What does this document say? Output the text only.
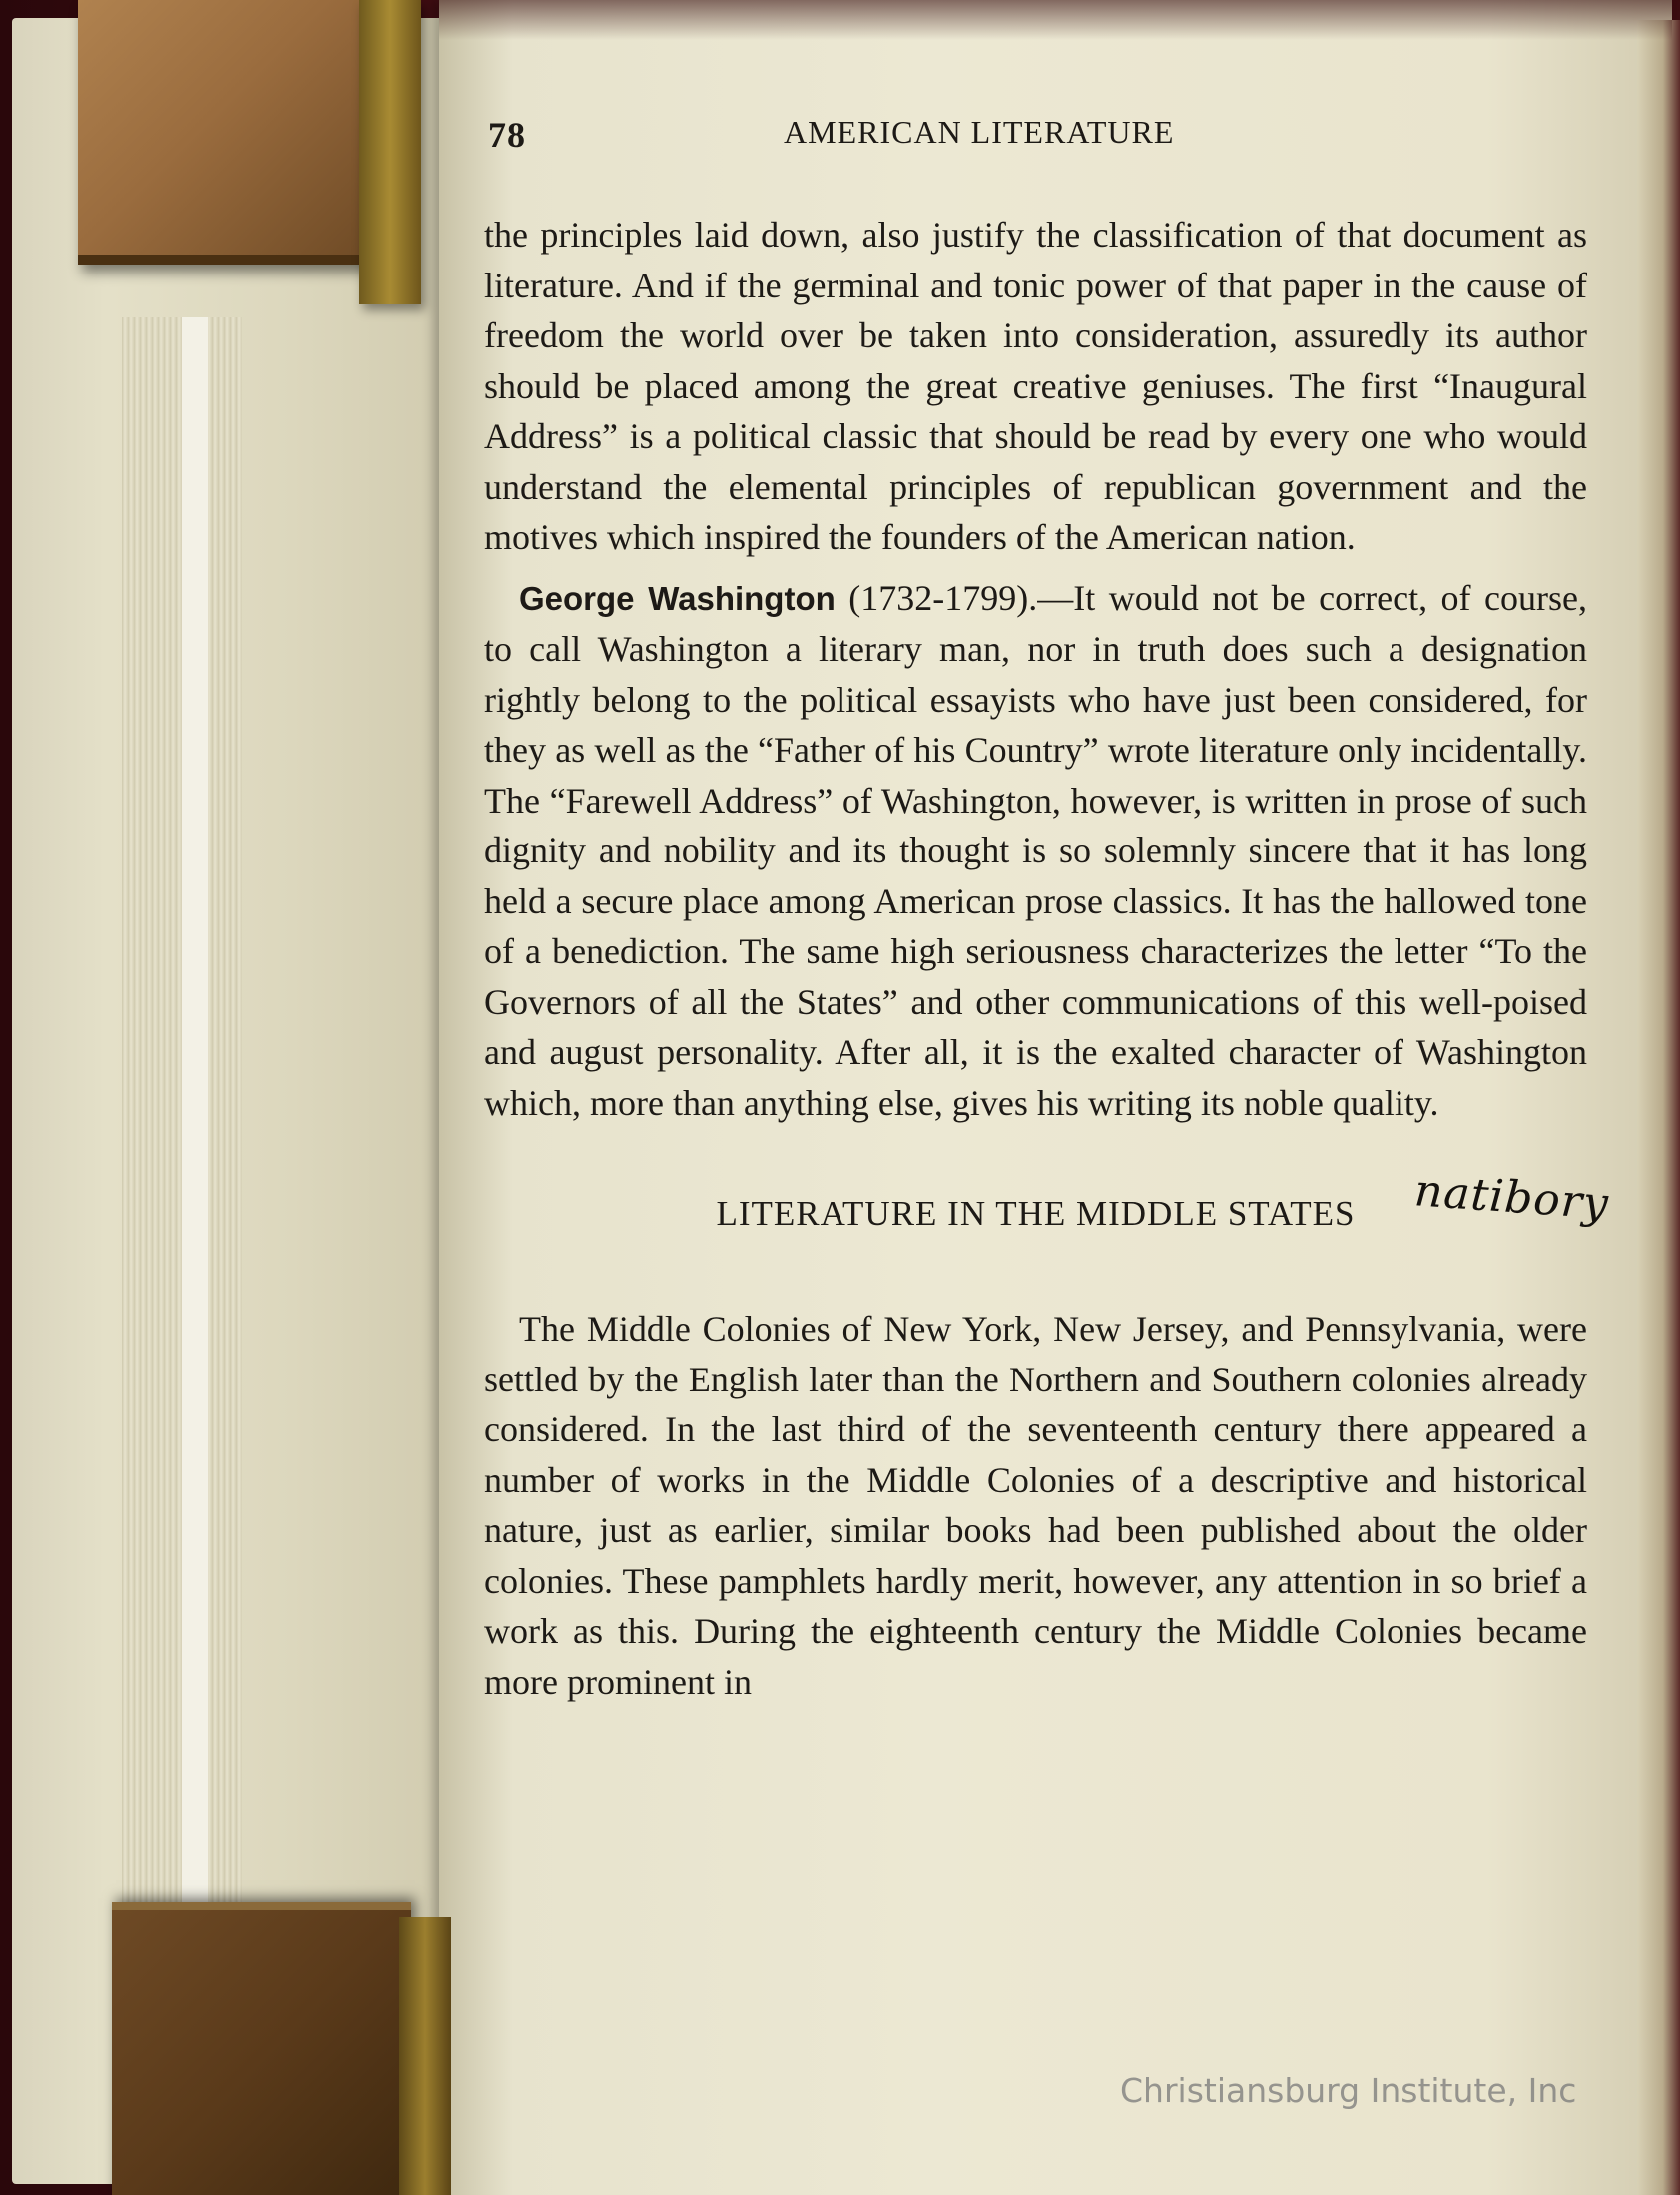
78	AMERICAN LITERATURE

the principles laid down, also justify the classification of that document as literature. And if the germinal and tonic power of that paper in the cause of freedom the world over be taken into consideration, assuredly its author should be placed among the great creative geniuses. The first “Inaugural Address” is a political classic that should be read by every one who would understand the elemental principles of republican government and the motives which inspired the founders of the American nation.

George Washington (1732-1799).—It would not be correct, of course, to call Washington a literary man, nor in truth does such a designation rightly belong to the political essayists who have just been considered, for they as well as the “Father of his Country” wrote literature only incidentally. The “Farewell Address” of Washington, however, is written in prose of such dignity and nobility and its thought is so solemnly sincere that it has long held a secure place among American prose classics. It has the hallowed tone of a benediction. The same high seriousness characterizes the letter “To the Governors of all the States” and other communications of this well-poised and august personality. After all, it is the exalted character of Washington which, more than anything else, gives his writing its noble quality.

LITERATURE IN THE MIDDLE STATES natibory

The Middle Colonies of New York, New Jersey, and Pennsylvania, were settled by the English later than the Northern and Southern colonies already considered. In the last third of the seventeenth century there appeared a number of works in the Middle Colonies of a descriptive and historical nature, just as earlier, similar books had been published about the older colonies. These pamphlets hardly merit, however, any attention in so brief a work as this. During the eighteenth century the Middle Colonies became more prominent in

Christiansburg Institute, Inc
